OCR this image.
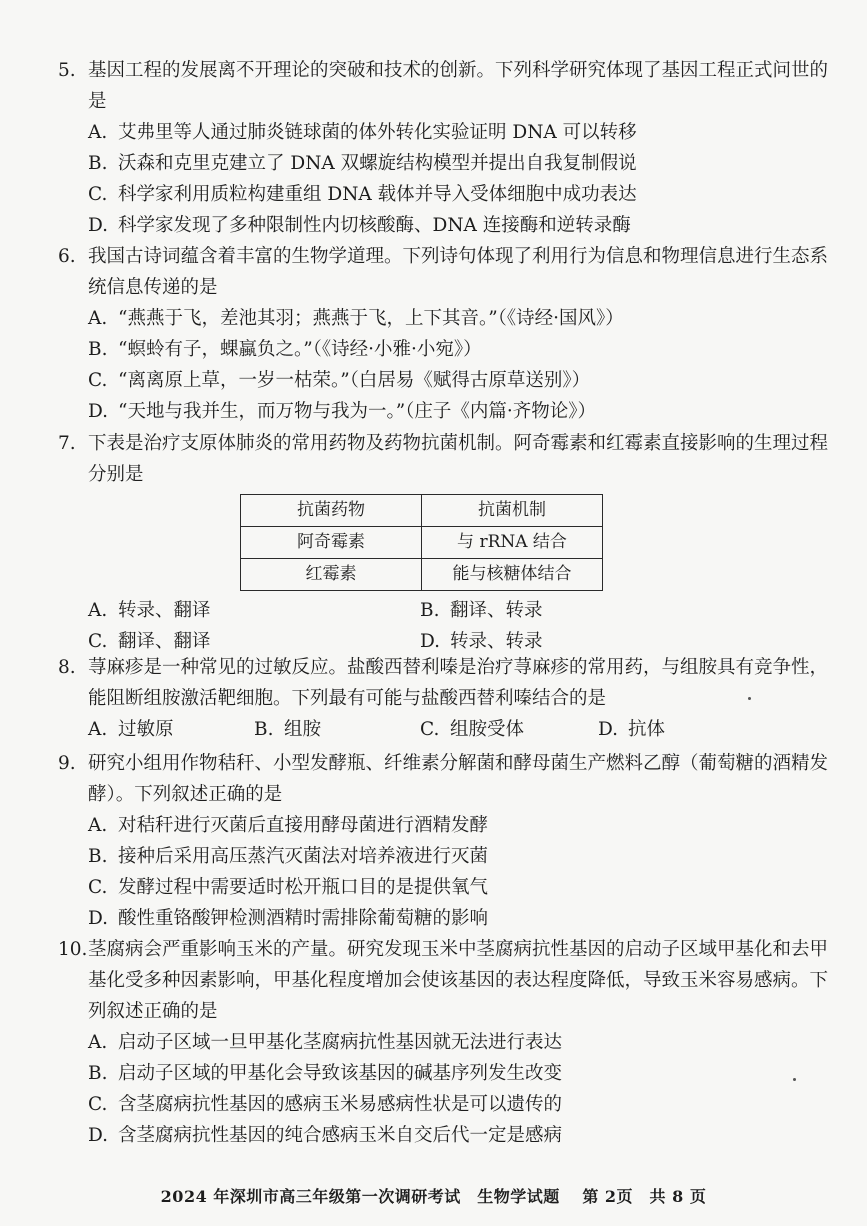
5. 基因工程的发展离不开理论的突破和技术的创新。下列科学研究体现了基因工程正式问世的是
A. 艾弗里等人通过肺炎链球菌的体外转化实验证明 DNA 可以转移
B. 沃森和克里克建立了 DNA 双螺旋结构模型并提出自我复制假说
C. 科学家利用质粒构建重组 DNA 载体并导入受体细胞中成功表达
D. 科学家发现了多种限制性内切核酸酶、DNA 连接酶和逆转录酶
6. 我国古诗词蕴含着丰富的生物学道理。下列诗句体现了利用行为信息和物理信息进行生态系统信息传递的是
A. “燕燕于飞，差池其羽；燕燕于飞，上下其音。”（《诗经·国风》）
B. “螟蛉有子，蜾蠃负之。”（《诗经·小雅·小宛》）
C. “离离原上草，一岁一枯荣。”（白居易《赋得古原草送别》）
D. “天地与我并生，而万物与我为一。”（庄子《内篇·齐物论》）
7. 下表是治疗支原体肺炎的常用药物及药物抗菌机制。阿奇霉素和红霉素直接影响的生理过程分别是
抗菌药物	抗菌机制
阿奇霉素	与 rRNA 结合
红霉素	能与核糖体结合
A. 转录、翻译	B. 翻译、转录
C. 翻译、翻译	D. 转录、转录
8. 荨麻疹是一种常见的过敏反应。盐酸西替利嗪是治疗荨麻疹的常用药，与组胺具有竞争性，能阻断组胺激活靶细胞。下列最有可能与盐酸西替利嗪结合的是
A. 过敏原	B. 组胺	C. 组胺受体	D. 抗体
9. 研究小组用作物秸秆、小型发酵瓶、纤维素分解菌和酵母菌生产燃料乙醇（葡萄糖的酒精发酵）。下列叙述正确的是
A. 对秸秆进行灭菌后直接用酵母菌进行酒精发酵
B. 接种后采用高压蒸汽灭菌法对培养液进行灭菌
C. 发酵过程中需要适时松开瓶口目的是提供氧气
D. 酸性重铬酸钾检测酒精时需排除葡萄糖的影响
10. 茎腐病会严重影响玉米的产量。研究发现玉米中茎腐病抗性基因的启动子区域甲基化和去甲基化受多种因素影响，甲基化程度增加会使该基因的表达程度降低，导致玉米容易感病。下列叙述正确的是
A. 启动子区域一旦甲基化茎腐病抗性基因就无法进行表达
B. 启动子区域的甲基化会导致该基因的碱基序列发生改变
C. 含茎腐病抗性基因的感病玉米易感病性状是可以遗传的
D. 含茎腐病抗性基因的纯合感病玉米自交后代一定是感病
2024 年深圳市高三年级第一次调研考试　生物学试题　 第 2页　共 8 页
